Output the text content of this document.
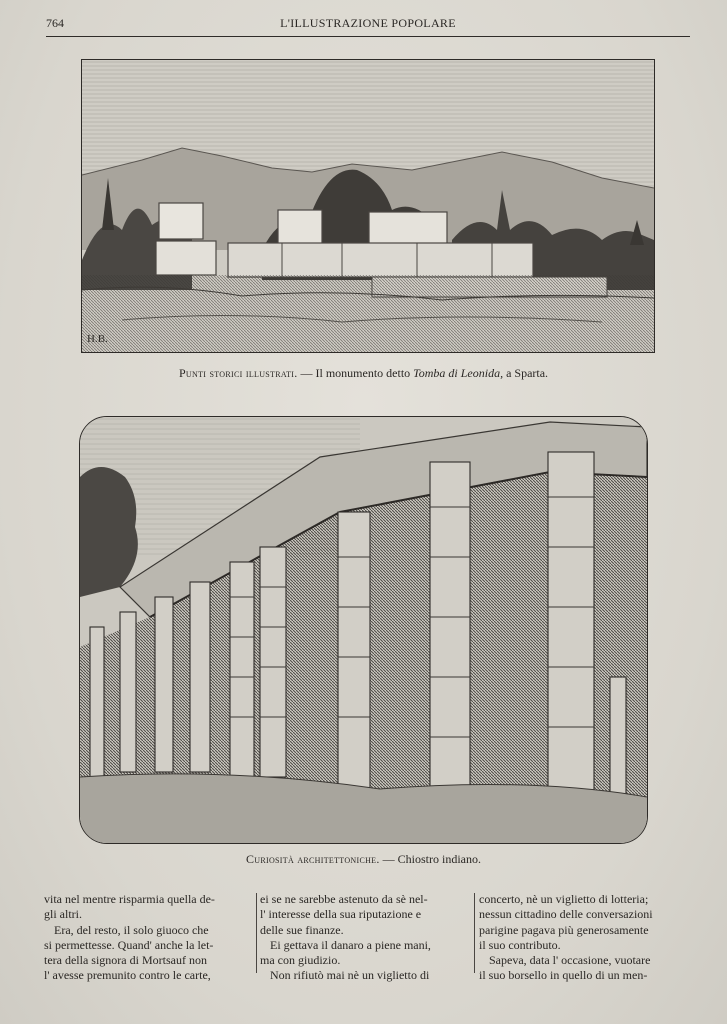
764	L'ILLUSTRAZIONE POPOLARE
H.B.
Punti storici illustrati. — Il monumento detto Tomba di Leonida, a Sparta.
Curiosità architettoniche. — Chiostro indiano.

vita nel mentre risparmia quella de-

gli altri.

Era, del resto, il solo giuoco che

si permettesse. Quand' anche la let-

tera della signora di Mortsauf non

l' avesse premunito contro le carte,

ei se ne sarebbe astenuto da sè nel-

l' interesse della sua riputazione e

delle sue finanze.

Ei gettava il danaro a piene mani,

ma con giudizio.

Non rifiutò mai nè un viglietto di

concerto, nè un viglietto di lotteria;

nessun cittadino delle conversazioni

parigine pagava più generosamente

il suo contributo.

Sapeva, data l' occasione, vuotare

il suo borsello in quello di un men-
